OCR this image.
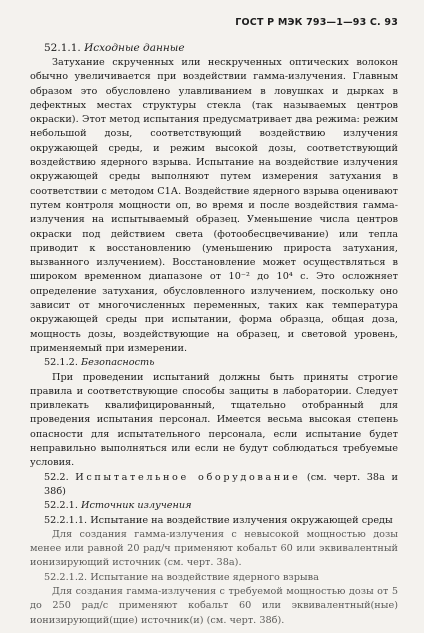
ГОСТ Р МЭК 793—1—93 С. 93
52.1.1. Исходные данные

Затухание скрученных или нескрученных оптических волокон обычно увеличивается при воздействии гамма-излучения. Главным образом это обусловлено улавливанием в ловушках и дырках в дефектных местах структуры стекла (так называемых центров окраски). Этот метод испытания предусматривает два режима: режим небольшой дозы, соответствующий воздействию излучения окружающей среды, и режим высокой дозы, соответствующий воздействию ядерного взрыва. Испытание на воздействие излучения окружающей среды выполняют путем измерения затухания в соответствии с методом С1А. Воздействие ядерного взрыва оценивают путем контроля мощности оп, во время и после воздействия гамма-излучения на испытываемый образец. Уменьшение числа центров окраски под действием света (фотообесцвечивание) или тепла приводит к восстановлению (уменьшению прироста затухания, вызванного излучением). Восстановление может осуществляться в широком временном диапазоне от 10⁻² до 10⁴ с. Это осложняет определение затухания, обусловленного излучением, поскольку оно зависит от многочисленных переменных, таких как температура окружающей среды при испытании, форма образца, общая доза, мощность дозы, воздействующие на образец, и световой уровень, применяемый при измерении.

52.1.2. Безопасность

При проведении испытаний должны быть приняты строгие правила и соответствующие способы защиты в лаборатории. Следует привлекать квалифицированный, тщательно отобранный для проведения испытания персонал. Имеется весьма высокая степень опасности для испытательного персонала, если испытание будет неправильно выполняться или если не будут соблюдаться требуемые условия.

52.2. Испытательное оборудование (см. черт. 38а и 38б)

52.2.1. Источник излучения

52.2.1.1. Испытание на воздействие излучения окружающей среды

Для создания гамма-излучения с невысокой мощностью дозы менее или равной 20 рад/ч применяют кобальт 60 или эквивалентный ионизирующий источник (см. черт. 38а).

52.2.1.2. Испытание на воздействие ядерного взрыва

Для создания гамма-излучения с требуемой мощностью дозы от 5 до 250 рад/с применяют кобальт 60 или эквивалентный(ные) ионизирующий(щие) источник(и) (см. черт. 38б).
